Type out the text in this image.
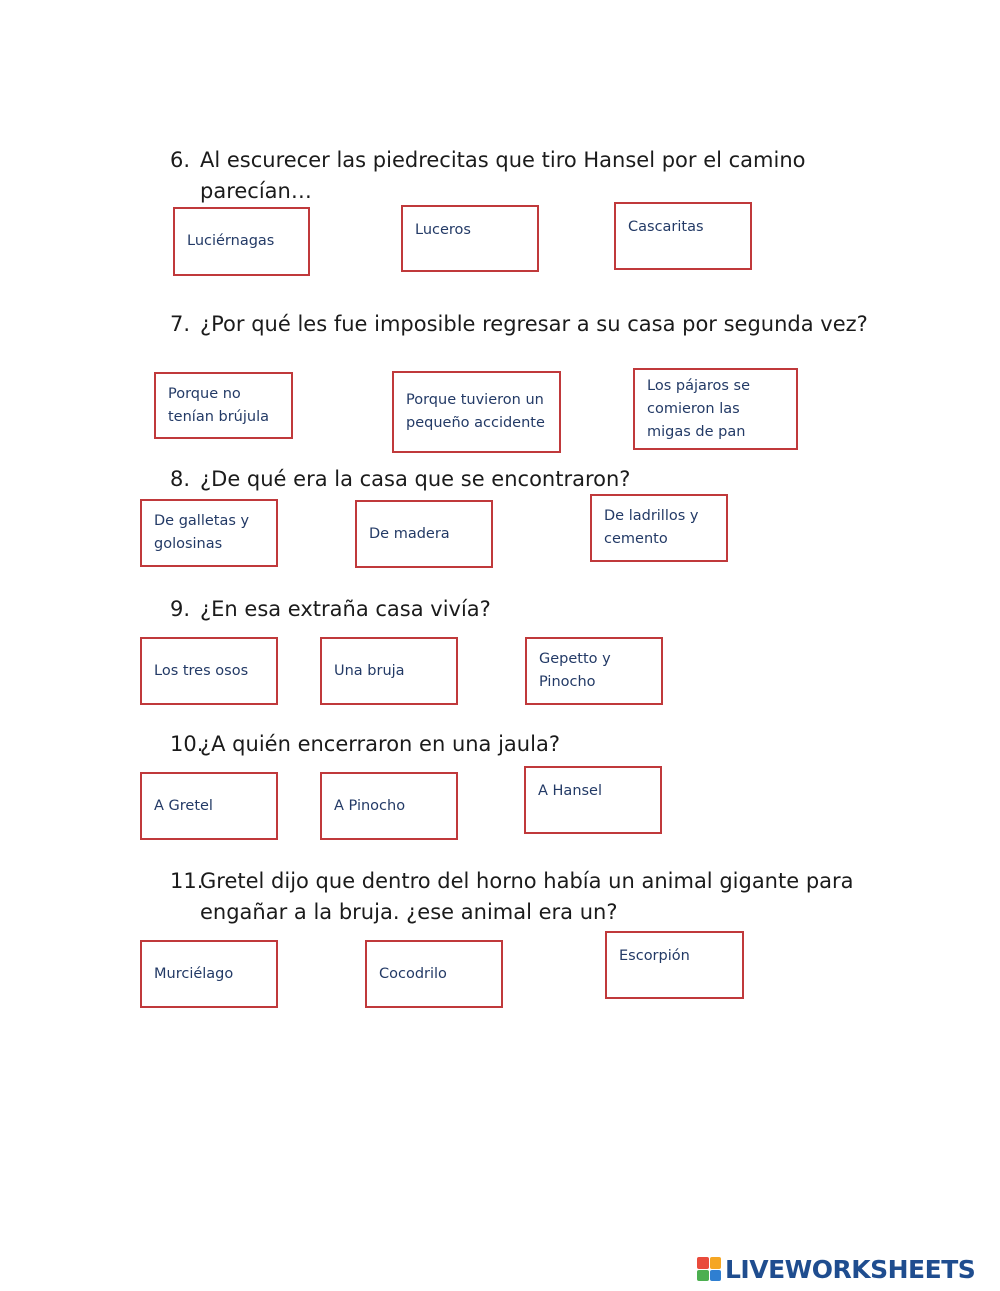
6. Al escurecer las piedrecitas que tiro Hansel por el camino parecían…
Luciérnagas
Luceros	Cascaritas
7. ¿Por qué les fue imposible regresar a su casa por segunda vez?
Porque no tenían brújula
Porque tuvieron un pequeño accidente
Los pájaros se comieron las migas de pan
8. ¿De qué era la casa que se encontraron?
De galletas y golosinas
De madera
De ladrillos y cemento
9. ¿En esa extraña casa vivía?
Los tres osos	Una bruja
Gepetto y Pinocho
10.
¿A quién encerraron en una jaula?
A Gretel	A Pinocho
A Hansel
11.
Gretel dijo que dentro del horno había un animal gigante para engañar a la bruja. ¿ese animal era un?
Murciélago	Cocodrilo
Escorpión
LIVEWORKSHEETS
